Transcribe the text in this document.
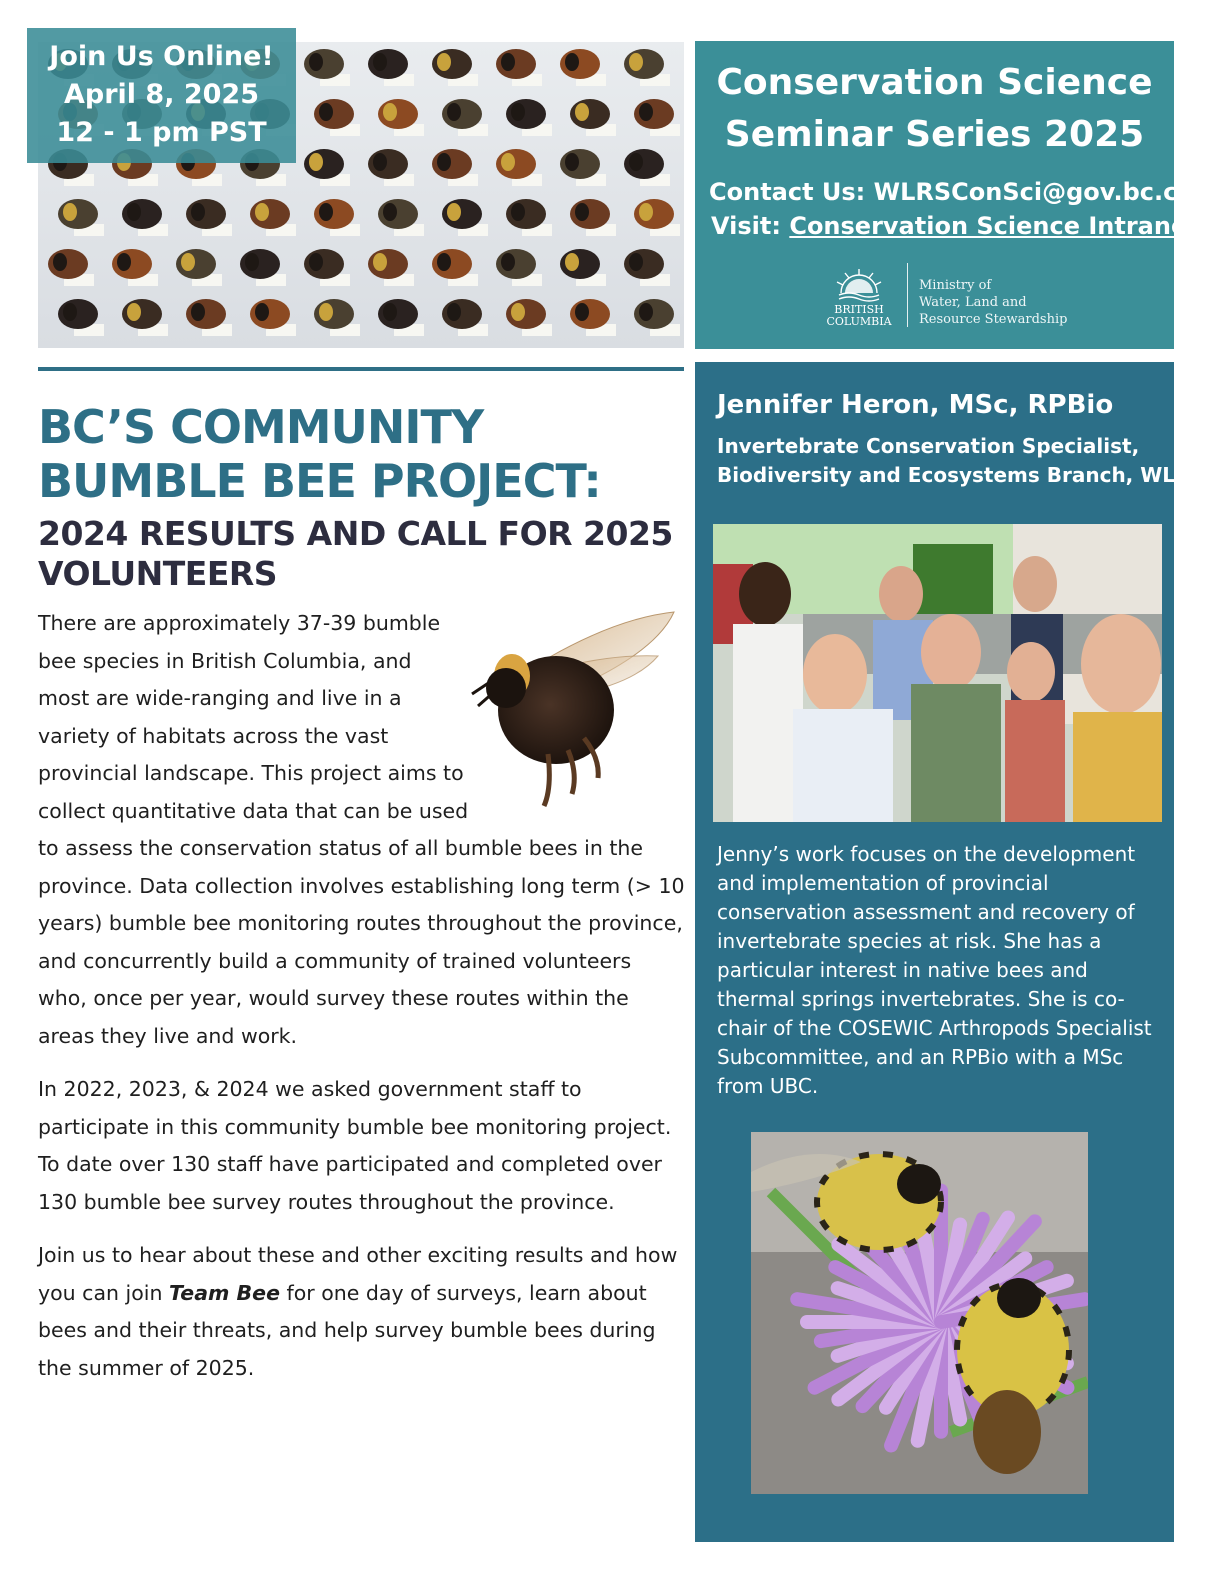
Join Us Online!
April 8, 2025
12 - 1 pm PST
Conservation Science
Seminar Series 2025
Contact Us: WLRSConSci@gov.bc.ca
Visit: Conservation Science Intranet
BRITISH
COLUMBIA
Ministry of
Water, Land and
Resource Stewardship
BC’S COMMUNITY
BUMBLE BEE PROJECT:
2024 RESULTS AND CALL FOR 2025
VOLUNTEERS
There are approximately 37-39 bumble
bee species in British Columbia, and
most are wide-ranging and live in a
variety of habitats across the vast
provincial landscape. This project aims to
collect quantitative data that can be used
to assess the conservation status of all bumble bees in the
province. Data collection involves establishing long term (> 10
years) bumble bee monitoring routes throughout the province,
and concurrently build a community of trained volunteers
who, once per year, would survey these routes within the
areas they live and work.
In 2022, 2023, & 2024 we asked government staff to
participate in this community bumble bee monitoring project.
To date over 130 staff have participated and completed over
130 bumble bee survey routes throughout the province.
Join us to hear about these and other exciting results and how
you can join Team Bee for one day of surveys, learn about
bees and their threats, and help survey bumble bees during
the summer of 2025.
Jennifer Heron, MSc, RPBio
Invertebrate Conservation Specialist,
Biodiversity and Ecosystems Branch, WLRS
Jenny’s work focuses on the development
and implementation of provincial
conservation assessment and recovery of
invertebrate species at risk. She has a
particular interest in native bees and
thermal springs invertebrates. She is co-
chair of the COSEWIC Arthropods Specialist
Subcommittee, and an RPBio with a MSc
from UBC.
